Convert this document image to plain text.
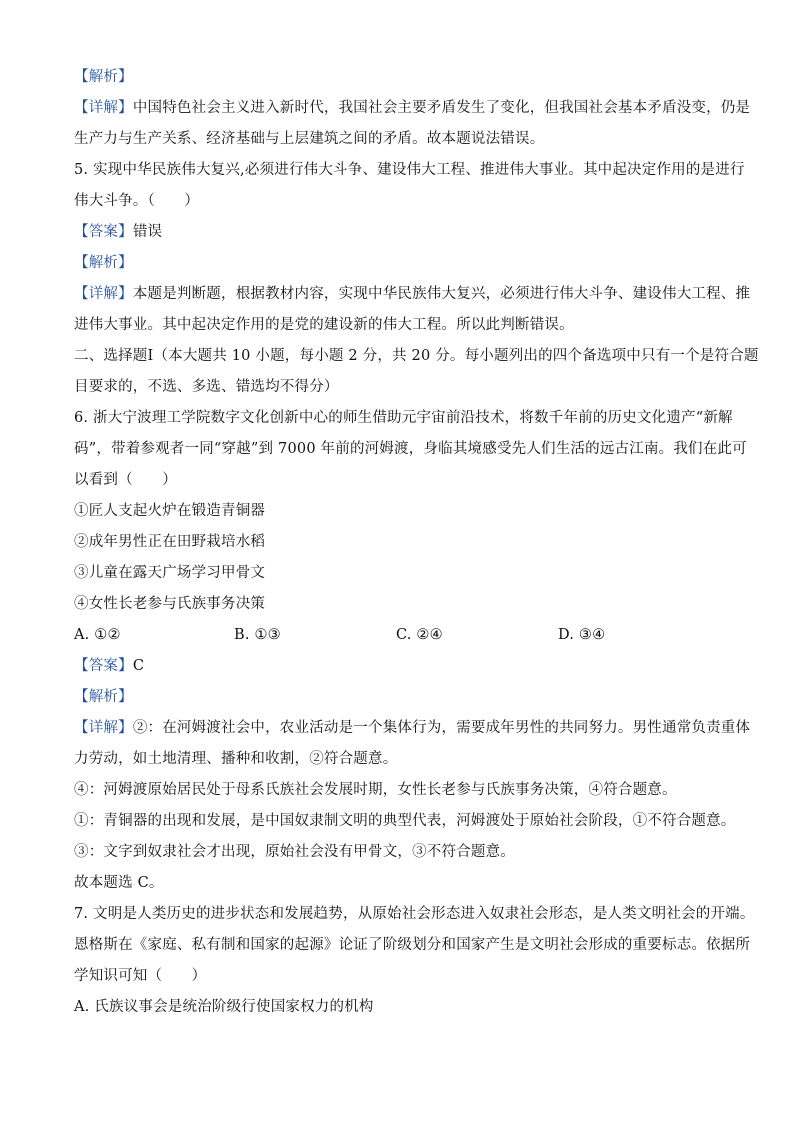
【解析】
【详解】中国特色社会主义进入新时代，我国社会主要矛盾发生了变化，但我国社会基本矛盾没变，仍是
生产力与生产关系、经济基础与上层建筑之间的矛盾。故本题说法错误。
5. 实现中华民族伟大复兴,必须进行伟大斗争、建设伟大工程、推进伟大事业。其中起决定作用的是进行
伟大斗争。（　　）
【答案】错误
【解析】
【详解】本题是判断题，根据教材内容，实现中华民族伟大复兴，必须进行伟大斗争、建设伟大工程、推
进伟大事业。其中起决定作用的是党的建设新的伟大工程。所以此判断错误。
二、选择题Ⅰ（本大题共 10 小题，每小题 2 分，共 20 分。每小题列出的四个备选项中只有一个是符合题
目要求的，不选、多选、错选均不得分）
6. 浙大宁波理工学院数字文化创新中心的师生借助元宇宙前沿技术，将数千年前的历史文化遗产“新解
码”，带着参观者一同“穿越”到 7000 年前的河姆渡，身临其境感受先人们生活的远古江南。我们在此可
以看到（　　）
①匠人支起火炉在锻造青铜器
②成年男性正在田野栽培水稻
③儿童在露天广场学习甲骨文
④女性长老参与氏族事务决策
A. ①②	B. ①③	C. ②④	D. ③④
【答案】C
【解析】
【详解】②：在河姆渡社会中，农业活动是一个集体行为，需要成年男性的共同努力。男性通常负责重体
力劳动，如土地清理、播种和收割，②符合题意。
④：河姆渡原始居民处于母系氏族社会发展时期，女性长老参与氏族事务决策，④符合题意。
①：青铜器的出现和发展，是中国奴隶制文明的典型代表，河姆渡处于原始社会阶段，①不符合题意。
③：文字到奴隶社会才出现，原始社会没有甲骨文，③不符合题意。
故本题选 C。
7. 文明是人类历史的进步状态和发展趋势，从原始社会形态进入奴隶社会形态，是人类文明社会的开端。
恩格斯在《家庭、私有制和国家的起源》论证了阶级划分和国家产生是文明社会形成的重要标志。依据所
学知识可知（　　）
A. 氏族议事会是统治阶级行使国家权力的机构
